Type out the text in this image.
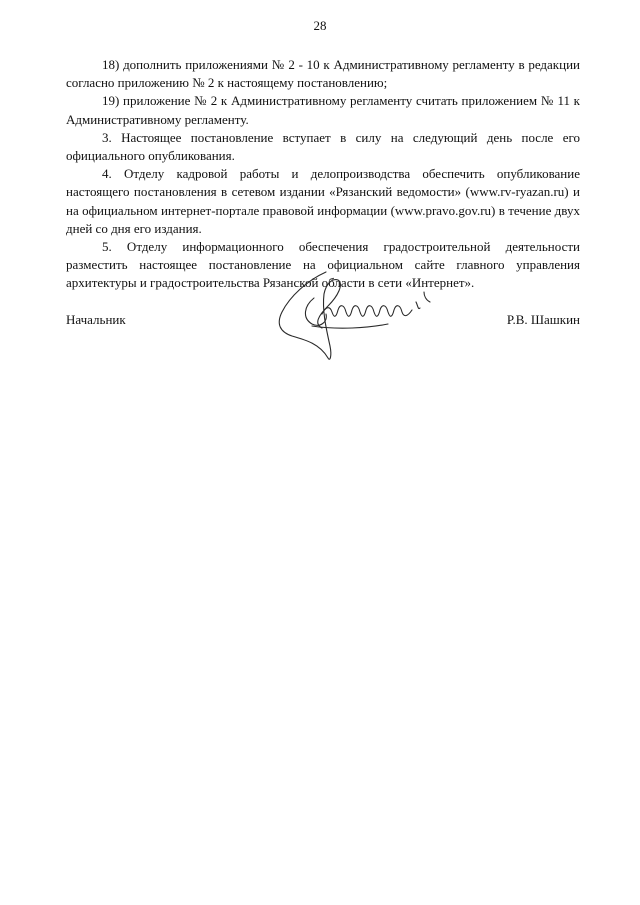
28

18) дополнить приложениями № 2 - 10 к Административному регламенту в редакции согласно приложению № 2 к настоящему постановлению;

19) приложение № 2 к Административному регламенту считать приложением № 11 к Административному регламенту.

3. Настоящее постановление вступает в силу на следующий день после его официального опубликования.

4. Отделу кадровой работы и делопроизводства обеспечить опубликование настоящего постановления в сетевом издании «Рязанский ведомости» (www.rv-ryazan.ru) и на официальном интернет-портале правовой информации (www.pravo.gov.ru) в течение двух дней со дня его издания.

5. Отделу информационного обеспечения градостроительной деятельности разместить настоящее постановление на официальном сайте главного управления архитектуры и градостроительства Рязанской области в сети «Интернет».

Начальник	Р.В. Шашкин
